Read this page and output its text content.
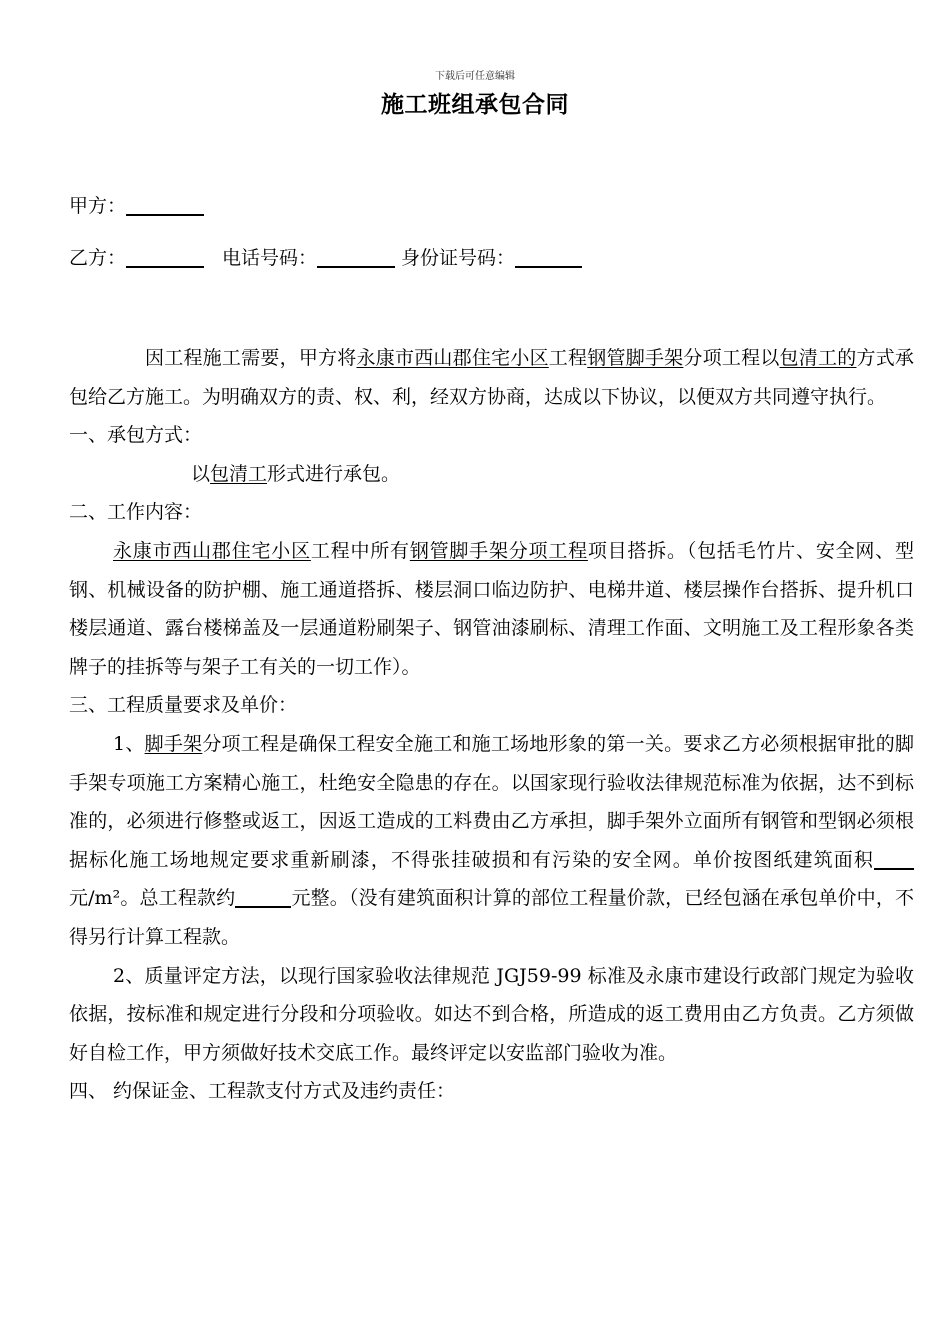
下载后可任意编辑
施工班组承包合同
甲方：
乙方：	电话号码：	身份证号码：

因工程施工需要，甲方将永康市西山郡住宅小区工程钢管脚手架分项工程以包清工的方式承包给乙方施工。为明确双方的责、权、利，经双方协商，达成以下协议，以便双方共同遵守执行。

一、承包方式：

以包清工形式进行承包。

二、工作内容：

永康市西山郡住宅小区工程中所有钢管脚手架分项工程项目搭拆。（包括毛竹片、安全网、型钢、机械设备的防护棚、施工通道搭拆、楼层洞口临边防护、电梯井道、楼层操作台搭拆、提升机口楼层通道、露台楼梯盖及一层通道粉刷架子、钢管油漆刷标、清理工作面、文明施工及工程形象各类牌子的挂拆等与架子工有关的一切工作）。

三、工程质量要求及单价：

1、脚手架分项工程是确保工程安全施工和施工场地形象的第一关。要求乙方必须根据审批的脚手架专项施工方案精心施工，杜绝安全隐患的存在。以国家现行验收法律规范标准为依据，达不到标准的，必须进行修整或返工，因返工造成的工料费由乙方承担，脚手架外立面所有钢管和型钢必须根据标化施工场地规定要求重新刷漆，不得张挂破损和有污染的安全网。单价按图纸建筑面积元/m²。总工程款约	元整。（没有建筑面积计算的部位工程量价款，已经包涵在承包单价中，不得另行计算工程款。

2、质量评定方法，以现行国家验收法律规范 JGJ59-99 标准及永康市建设行政部门规定为验收依据，按标准和规定进行分段和分项验收。如达不到合格，所造成的返工费用由乙方负责。乙方须做好自检工作，甲方须做好技术交底工作。最终评定以安监部门验收为准。

四、 约保证金、工程款支付方式及违约责任：
